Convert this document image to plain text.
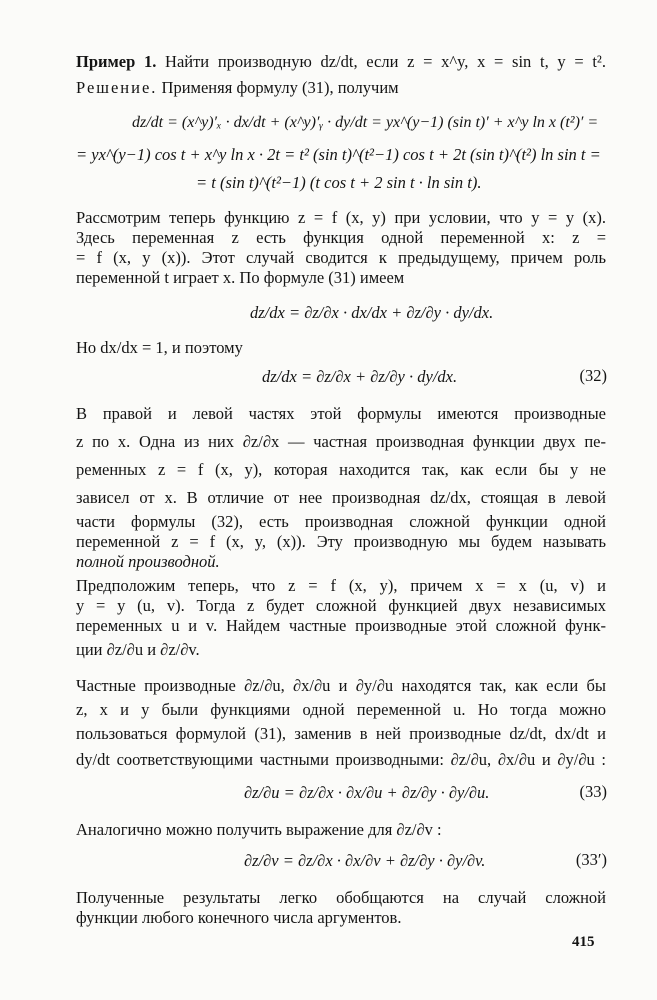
Пример 1. Найти производную dz/dt, если z = x^y, x = sin t, y = t².

Решение. Применяя формулу (31), получим

dz/dt = (x^y)′ₓ · dx/dt + (x^y)′ᵧ · dy/dt = yx^(y−1) (sin t)′ + x^y ln x (t²)′ =

= yx^(y−1) cos t + x^y ln x · 2t = t² (sin t)^(t²−1) cos t + 2t (sin t)^(t²) ln sin t =

= t (sin t)^(t²−1) (t cos t + 2 sin t · ln sin t).

Рассмотрим теперь функцию z = f (x, y) при условии, что y = y (x).

Здесь переменная z есть функция одной переменной x: z =

= f (x, y (x)). Этот случай сводится к предыдущему, причем роль

переменной t играет x. По формуле (31) имеем

dz/dx = ∂z/∂x · dx/dx + ∂z/∂y · dy/dx.

Но dx/dx = 1, и поэтому

dz/dx = ∂z/∂x + ∂z/∂y · dy/dx.	(32)

В правой и левой частях этой формулы имеются производные

z по x. Одна из них ∂z/∂x — частная производная функции двух пе-

ременных z = f (x, y), которая находится так, как если бы y не

зависел от x. В отличие от нее производная dz/dx, стоящая в левой

части формулы (32), есть производная сложной функции одной

переменной z = f (x, y, (x)). Эту производную мы будем называть

полной производной.

Предположим теперь, что z = f (x, y), причем x = x (u, v) и

y = y (u, v). Тогда z будет сложной функцией двух независимых

переменных u и v. Найдем частные производные этой сложной функ-

ции ∂z/∂u и ∂z/∂v.

Частные производные ∂z/∂u, ∂x/∂u и ∂y/∂u находятся так, как если бы

z, x и y были функциями одной переменной u. Но тогда можно

пользоваться формулой (31), заменив в ней производные dz/dt, dx/dt и

dy/dt соответствующими частными производными: ∂z/∂u, ∂x/∂u и ∂y/∂u :

∂z/∂u = ∂z/∂x · ∂x/∂u + ∂z/∂y · ∂y/∂u.	(33)

Аналогично можно получить выражение для ∂z/∂v :

∂z/∂v = ∂z/∂x · ∂x/∂v + ∂z/∂y · ∂y/∂v.	(33′)

Полученные результаты легко обобщаются на случай сложной

функции любого конечного числа аргументов.

415
